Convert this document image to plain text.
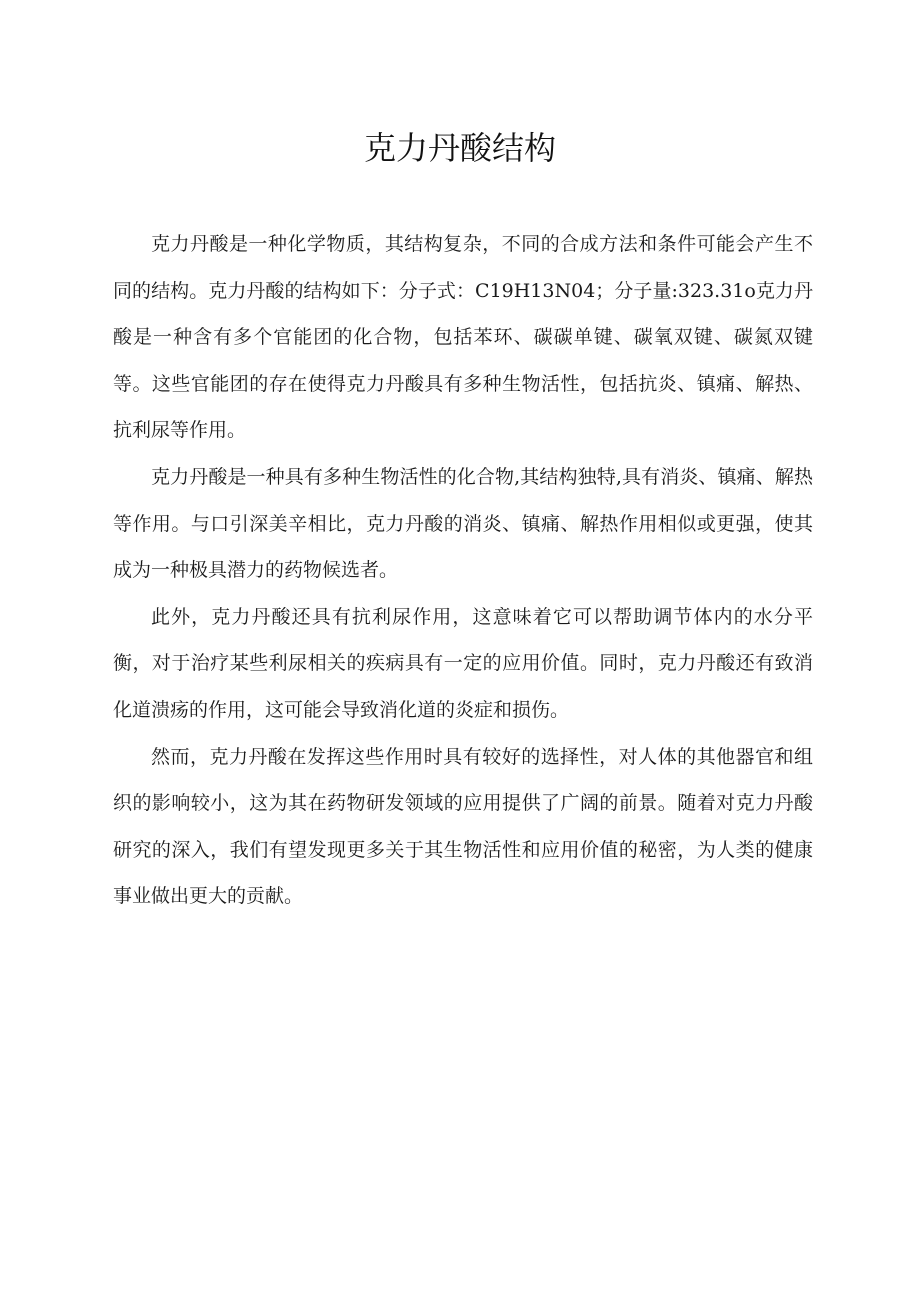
克力丹酸结构

克力丹酸是一种化学物质，其结构复杂，不同的合成方法和条件可能会产生不同的结构。克力丹酸的结构如下：分子式：C19H13N04；分子量:323.31o克力丹酸是一种含有多个官能团的化合物，包括苯环、碳碳单键、碳氧双键、碳氮双键等。这些官能团的存在使得克力丹酸具有多种生物活性，包括抗炎、镇痛、解热、抗利尿等作用。

克力丹酸是一种具有多种生物活性的化合物,其结构独特,具有消炎、镇痛、解热等作用。与口引深美辛相比，克力丹酸的消炎、镇痛、解热作用相似或更强，使其成为一种极具潜力的药物候选者。

此外，克力丹酸还具有抗利尿作用，这意味着它可以帮助调节体内的水分平衡，对于治疗某些利尿相关的疾病具有一定的应用价值。同时，克力丹酸还有致消化道溃疡的作用，这可能会导致消化道的炎症和损伤。

然而，克力丹酸在发挥这些作用时具有较好的选择性，对人体的其他器官和组织的影响较小，这为其在药物研发领域的应用提供了广阔的前景。随着对克力丹酸研究的深入，我们有望发现更多关于其生物活性和应用价值的秘密，为人类的健康事业做出更大的贡献。
